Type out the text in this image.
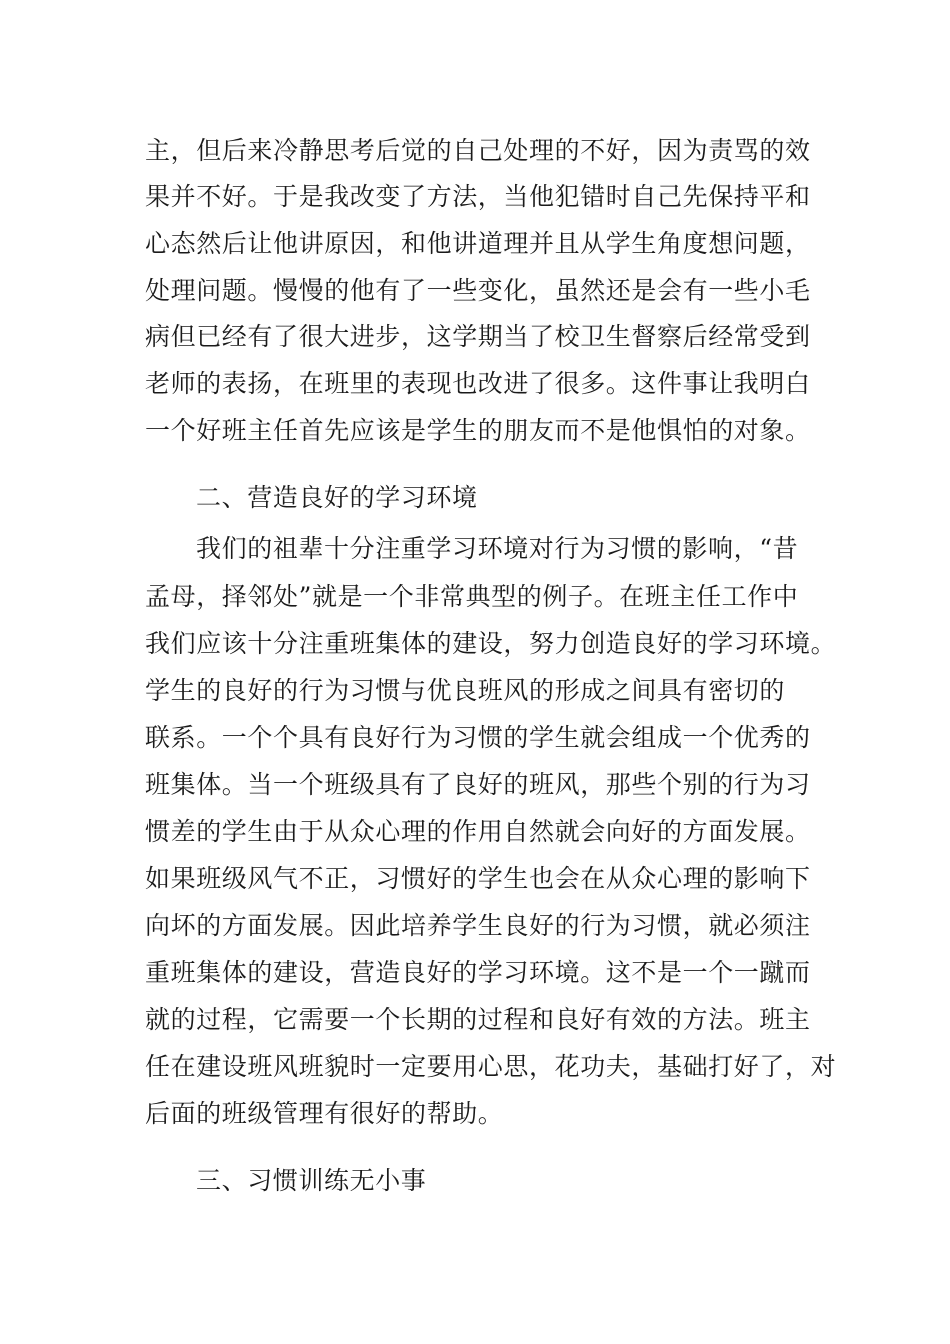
主，但后来冷静思考后觉的自己处理的不好，因为责骂的效
果并不好。于是我改变了方法，当他犯错时自己先保持平和
心态然后让他讲原因，和他讲道理并且从学生角度想问题，
处理问题。慢慢的他有了一些变化，虽然还是会有一些小毛
病但已经有了很大进步，这学期当了校卫生督察后经常受到
老师的表扬，在班里的表现也改进了很多。这件事让我明白
一个好班主任首先应该是学生的朋友而不是他惧怕的对象。
二、营造良好的学习环境
我们的祖辈十分注重学习环境对行为习惯的影响，“昔
孟母，择邻处”就是一个非常典型的例子。在班主任工作中
我们应该十分注重班集体的建设，努力创造良好的学习环境。
学生的良好的行为习惯与优良班风的形成之间具有密切的
联系。一个个具有良好行为习惯的学生就会组成一个优秀的
班集体。当一个班级具有了良好的班风，那些个别的行为习
惯差的学生由于从众心理的作用自然就会向好的方面发展。
如果班级风气不正，习惯好的学生也会在从众心理的影响下
向坏的方面发展。因此培养学生良好的行为习惯，就必须注
重班集体的建设，营造良好的学习环境。这不是一个一蹴而
就的过程，它需要一个长期的过程和良好有效的方法。班主
任在建设班风班貌时一定要用心思，花功夫，基础打好了，对
后面的班级管理有很好的帮助。
三、习惯训练无小事
